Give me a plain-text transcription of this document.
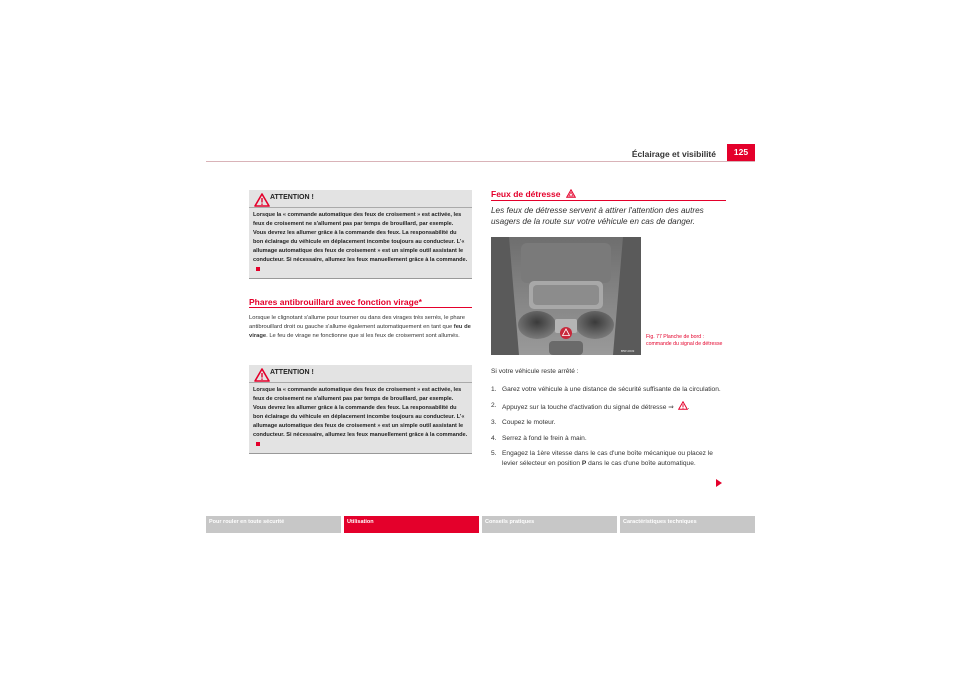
Éclairage et visibilité	125
ATTENTION !
Lorsque la « commande automatique des feux de croisement » est activée, les feux de croisement ne s'allument pas par temps de brouillard, par exemple. Vous devrez les allumer grâce à la commande des feux. La responsabilité du bon éclairage du véhicule en déplacement incombe toujours au conducteur. L'« allumage automatique des feux de croisement » est un simple outil assistant le conducteur. Si nécessaire, allumez les feux manuellement grâce à la commande.
Phares antibrouillard avec fonction virage*
Lorsque le clignotant s'allume pour tourner ou dans des virages très serrés, le phare antibrouillard droit ou gauche s'allume également automatiquement en tant que feu de virage. Le feu de virage ne fonctionne que si les feux de croisement sont allumés.
ATTENTION !
Lorsque la « commande automatique des feux de croisement » est activée, les feux de croisement ne s'allument pas par temps de brouillard, par exemple. Vous devrez les allumer grâce à la commande des feux. La responsabilité du bon éclairage du véhicule en déplacement incombe toujours au conducteur. L'« allumage automatique des feux de croisement » est un simple outil assistant le conducteur. Si nécessaire, allumez les feux manuellement grâce à la commande.
Feux de détresse
Les feux de détresse servent à attirer l'attention des autres usagers de la route sur votre véhicule en cas de danger.
B5P-0033
Fig. 77 Planche de bord : commande du signal de détresse
Si votre véhicule reste arrêté :
1. Garez votre véhicule à une distance de sécurité suffisante de la circulation.
2. Appuyez sur la touche d'activation du signal de détresse ⇒ .
3. Coupez le moteur.
4. Serrez à fond le frein à main.
5. Engagez la 1ère vitesse dans le cas d'une boîte mécanique ou placez le levier sélecteur en position P dans le cas d'une boîte automatique.
Pour rouler en toute sécurité	Utilisation	Conseils pratiques	Caractéristiques techniques
